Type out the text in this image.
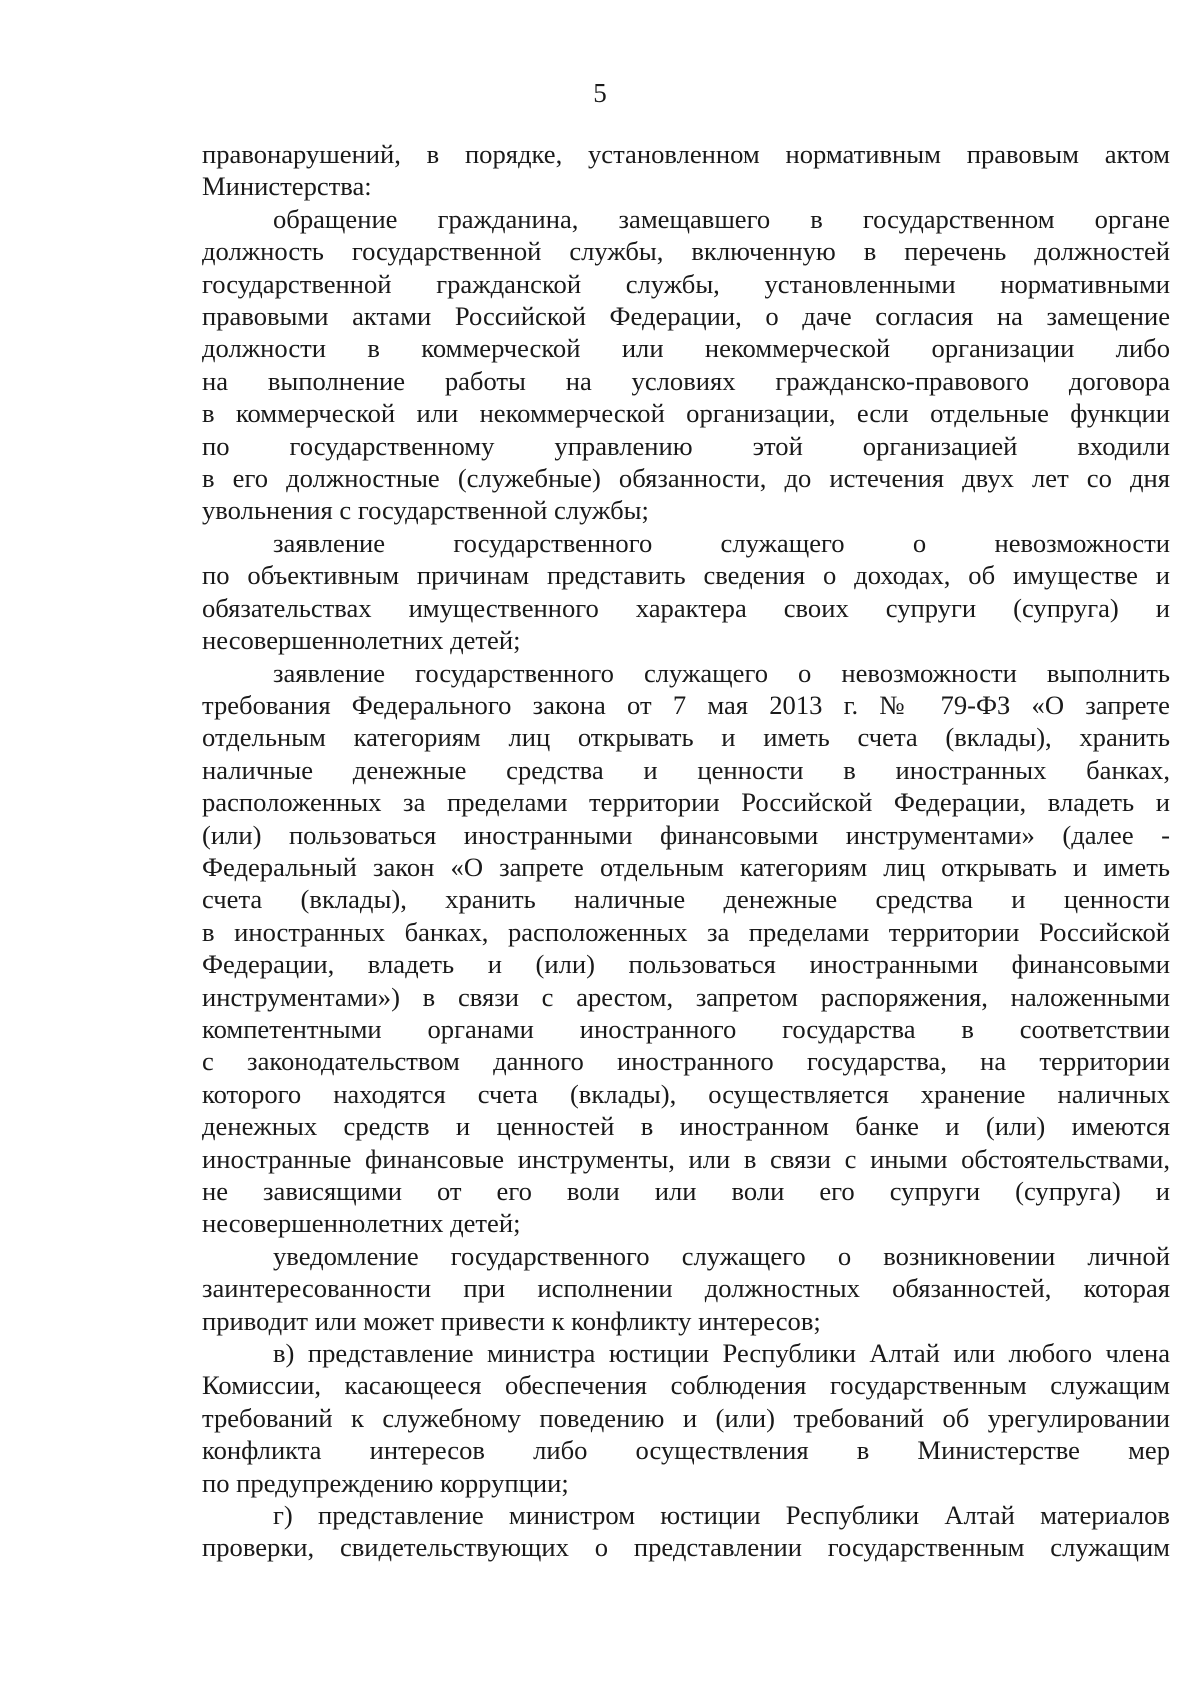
5

правонарушений, в порядке, установленном нормативным правовым актом

Министерства:

обращение гражданина, замещавшего в государственном органе

должность государственной службы, включенную в перечень должностей

государственной гражданской службы, установленными нормативными

правовыми актами Российской Федерации, о даче согласия на замещение

должности в коммерческой или некоммерческой организации либо

на выполнение работы на условиях гражданско-правового договора

в коммерческой или некоммерческой организации, если отдельные функции

по государственному управлению этой организацией входили

в его должностные (служебные) обязанности, до истечения двух лет со дня

увольнения с государственной службы;

заявление государственного служащего о невозможности

по объективным причинам представить сведения о доходах, об имуществе и

обязательствах имущественного характера своих супруги (супруга) и

несовершеннолетних детей;

заявление государственного служащего о невозможности выполнить

требования Федерального закона от 7 мая 2013 г. № 79-ФЗ «О запрете

отдельным категориям лиц открывать и иметь счета (вклады), хранить

наличные денежные средства и ценности в иностранных банках,

расположенных за пределами территории Российской Федерации, владеть и

(или) пользоваться иностранными финансовыми инструментами» (далее -

Федеральный закон «О запрете отдельным категориям лиц открывать и иметь

счета (вклады), хранить наличные денежные средства и ценности

в иностранных банках, расположенных за пределами территории Российской

Федерации, владеть и (или) пользоваться иностранными финансовыми

инструментами») в связи с арестом, запретом распоряжения, наложенными

компетентными органами иностранного государства в соответствии

с законодательством данного иностранного государства, на территории

которого находятся счета (вклады), осуществляется хранение наличных

денежных средств и ценностей в иностранном банке и (или) имеются

иностранные финансовые инструменты, или в связи с иными обстоятельствами,

не зависящими от его воли или воли его супруги (супруга) и

несовершеннолетних детей;

уведомление государственного служащего о возникновении личной

заинтересованности при исполнении должностных обязанностей, которая

приводит или может привести к конфликту интересов;

в) представление министра юстиции Республики Алтай или любого члена

Комиссии, касающееся обеспечения соблюдения государственным служащим

требований к служебному поведению и (или) требований об урегулировании

конфликта интересов либо осуществления в Министерстве мер

по предупреждению коррупции;

г) представление министром юстиции Республики Алтай материалов

проверки, свидетельствующих о представлении государственным служащим
